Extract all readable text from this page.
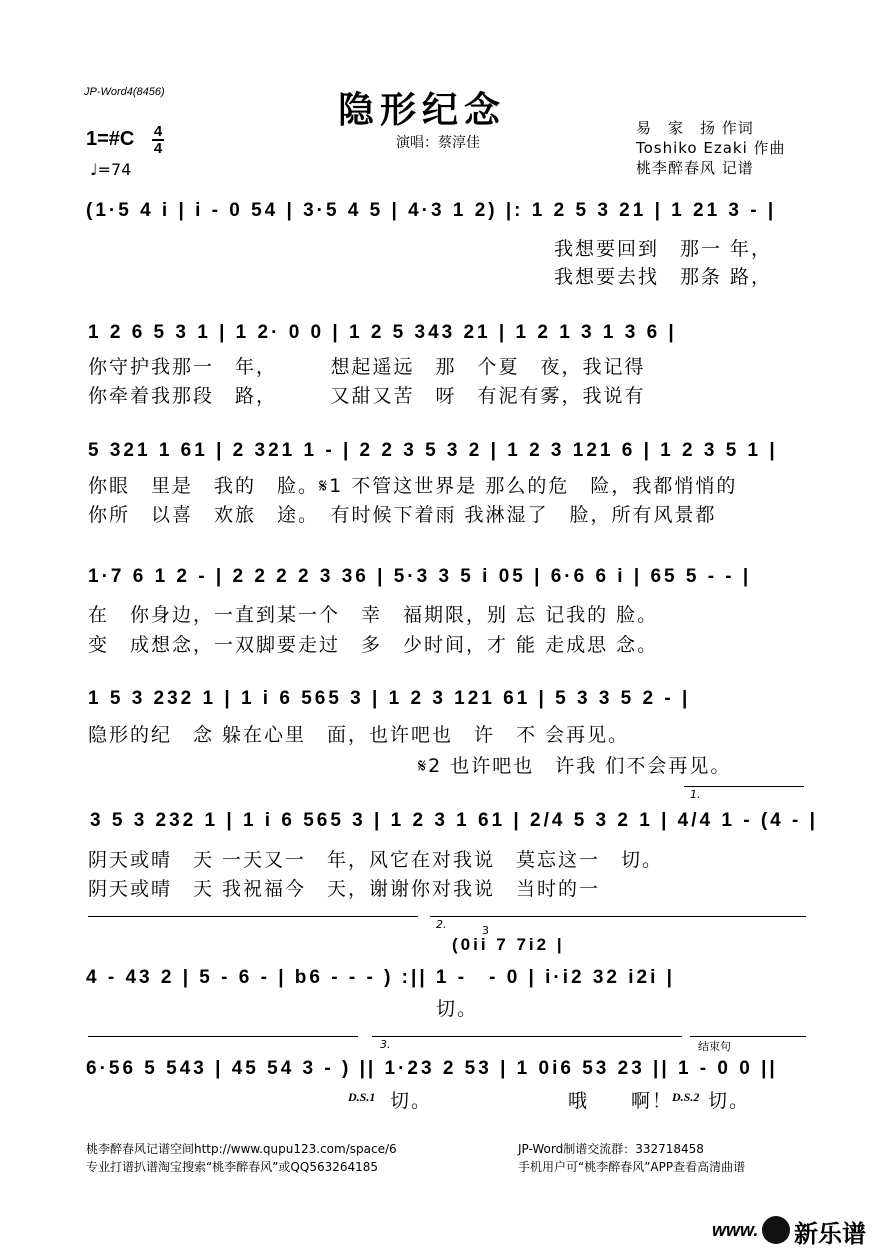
JP-Word4(8456)	隐形纪念
演唱：蔡淳佳
1=#C 4
4
♩=74
易　家　扬 作词
Toshiko Ezaki 作曲
桃李醉春风 记谱
(1·5 4 i | i - 0 54 | 3·5 4 5 | 4·3 1 2) |: 1 2 5 3 21 | 1 21 3 - |
我想要回到　那一 年，
我想要去找　那条 路，
1 2 6 5 3 1 | 1 2· 0 0 | 1 2 5 343 21 | 1 2 1 3 1 3 6 |
你守护我那一　年，　　　想起遥远　那　个夏　夜，我记得
你牵着我那段　路，　　　又甜又苦　呀　有泥有雾，我说有
5 321 1 61 | 2 321 1 - | 2 2 3 5 3 2 | 1 2 3 121 6 | 1 2 3 5 1 |
你眼　里是　我的　脸。𝄋1 不管这世界是 那么的危　险，我都悄悄的
你所　以喜　欢旅　途。　有时候下着雨 我淋湿了　脸，所有风景都
1·7 6 1 2 - | 2 2 2 2 3 36 | 5·3 3 5 i 05 | 6·6 6 i | 65 5 - - |
在　你身边，一直到某一个　幸　福期限，别 忘 记我的 脸。
变　成想念，一双脚要走过　多　少时间，才 能 走成思 念。
1 5 3 232 1 | 1 i 6 565 3 | 1 2 3 121 61 | 5 3 3 5 2 - |
隐形的纪　念 躲在心里　面，也许吧也　许　不 会再见。
𝄋2 也许吧也　许我 们不会再见。
1.
3 5 3 232 1 | 1 i 6 565 3 | 1 2 3 1 61 | 2/4 5 3 2 1 | 4/4 1 - (4 - |
阴天或晴　天 一天又一　年，风它在对我说　莫忘这一　切。
阴天或晴　天 我祝福今　天，谢谢你对我说　当时的一
2.	3
(0ii 7 7i2 |
4 - 43 2 | 5 - 6 - | b6 - - - ) :|| 1 -　- 0 | i·i2 32 i2i |
切。
3.	结束句
6·56 5 543 | 45 54 3 - ) || 1·23 2 53 | 1 0i6 53 23 || 1 - 0 0 ||
D.S.1 切。	哦　　啊！
D.S.2 切。
桃李醉春风记谱空间http://www.qupu123.com/space/6
专业打谱扒谱淘宝搜索“桃李醉春风”或QQ563264185
JP-Word制谱交流群：332718458
手机用户可“桃李醉春风”APP查看高清曲谱
www. 新乐谱
